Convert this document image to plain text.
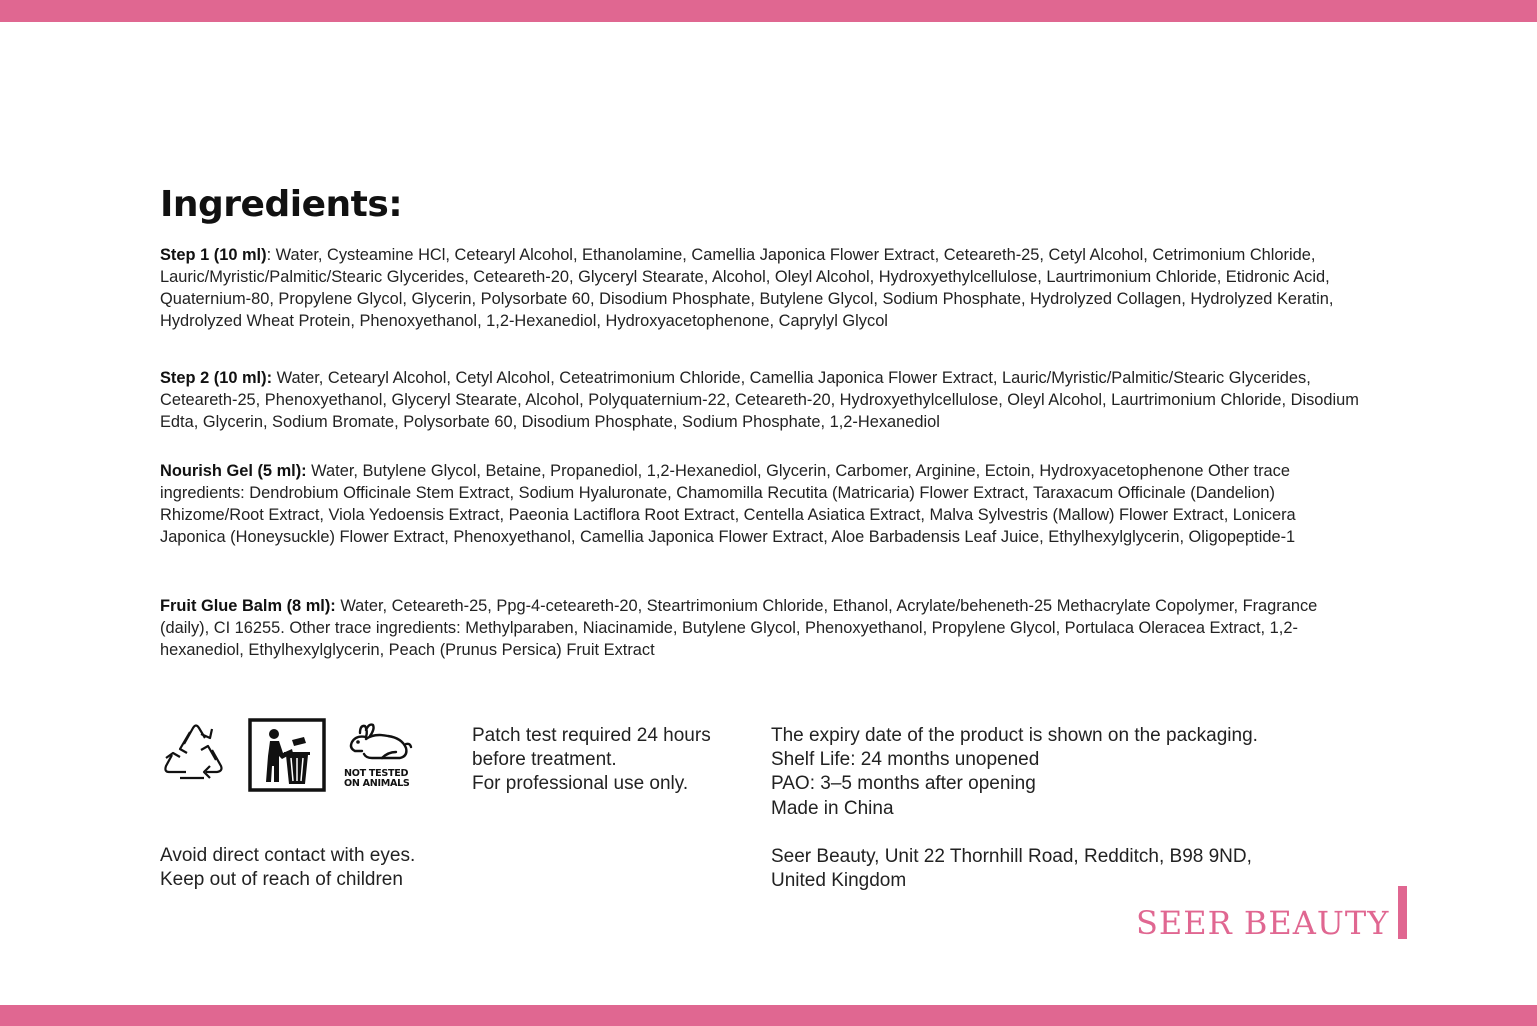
Ingredients:

Step 1 (10 ml): Water, Cysteamine HCl, Cetearyl Alcohol, Ethanolamine, Camellia Japonica Flower Extract, Ceteareth-25, Cetyl Alcohol, Cetrimonium Chloride, Lauric/Myristic/Palmitic/Stearic Glycerides, Ceteareth-20, Glyceryl Stearate, Alcohol, Oleyl Alcohol, Hydroxyethylcellulose, Laurtrimonium Chloride, Etidronic Acid, Quaternium-80, Propylene Glycol, Glycerin, Polysorbate 60, Disodium Phosphate, Butylene Glycol, Sodium Phosphate, Hydrolyzed Collagen, Hydrolyzed Keratin, Hydrolyzed Wheat Protein, Phenoxyethanol, 1,2-Hexanediol, Hydroxyacetophenone, Caprylyl Glycol

Step 2 (10 ml): Water, Cetearyl Alcohol, Cetyl Alcohol, Ceteatrimonium Chloride, Camellia Japonica Flower Extract, Lauric/Myristic/Palmitic/Stearic Glycerides, Ceteareth-25, Phenoxyethanol, Glyceryl Stearate, Alcohol, Polyquaternium-22, Ceteareth-20, Hydroxyethylcellulose, Oleyl Alcohol, Laurtrimonium Chloride, Disodium Edta, Glycerin, Sodium Bromate, Polysorbate 60, Disodium Phosphate, Sodium Phosphate, 1,2-Hexanediol

Nourish Gel (5 ml): Water, Butylene Glycol, Betaine, Propanediol, 1,2-Hexanediol, Glycerin, Carbomer, Arginine, Ectoin, Hydroxyacetophenone Other trace ingredients: Dendrobium Officinale Stem Extract, Sodium Hyaluronate, Chamomilla Recutita (Matricaria) Flower Extract, Taraxacum Officinale (Dandelion) Rhizome/Root Extract, Viola Yedoensis Extract, Paeonia Lactiflora Root Extract, Centella Asiatica Extract, Malva Sylvestris (Mallow) Flower Extract, Lonicera Japonica (Honeysuckle) Flower Extract, Phenoxyethanol, Camellia Japonica Flower Extract, Aloe Barbadensis Leaf Juice, Ethylhexylglycerin, Oligopeptide-1

Fruit Glue Balm (8 ml): Water, Ceteareth-25, Ppg-4-ceteareth-20, Steartrimonium Chloride, Ethanol, Acrylate/beheneth-25 Methacrylate Copolymer, Fragrance (daily), CI 16255. Other trace ingredients: Methylparaben, Niacinamide, Butylene Glycol, Phenoxyethanol, Propylene Glycol, Portulaca Oleracea Extract, 1,2-hexanediol, Ethylhexylglycerin, Peach (Prunus Persica) Fruit Extract

NOT TESTED
ON ANIMALS

Patch test required 24 hours
before treatment.
For professional use only.

The expiry date of the product is shown on the packaging.
Shelf Life: 24 months unopened
PAO: 3–5 months after opening
Made in China

Avoid direct contact with eyes.
Keep out of reach of children

Seer Beauty, Unit 22 Thornhill Road, Redditch, B98 9ND,
United Kingdom

SEER BEAUTY
